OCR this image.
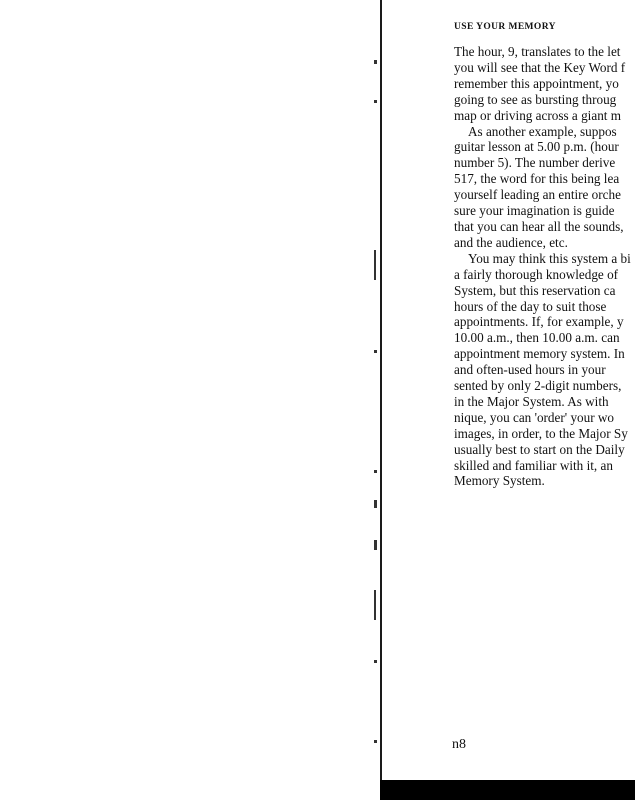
USE YOUR MEMORY
The hour, 9, translates to the let
you will see that the Key Word f
remember this appointment, yo
going to see as bursting throug
map or driving across a giant m
As another example, suppos
guitar lesson at 5.00 p.m. (hour
number 5). The number derive
517, the word for this being lea
yourself leading an entire orche
sure your imagination is guide
that you can hear all the sounds,
and the audience, etc.
You may think this system a bi
a fairly thorough knowledge of
System, but this reservation ca
hours of the day to suit those
appointments. If, for example, y
10.00 a.m., then 10.00 a.m. can
appointment memory system. In
and often-used hours in your
sented by only 2-digit numbers,
in the Major System. As with
nique, you can 'order' your wo
images, in order, to the Major Sy
usually best to start on the Daily
skilled and familiar with it, an
Memory System.
n8
